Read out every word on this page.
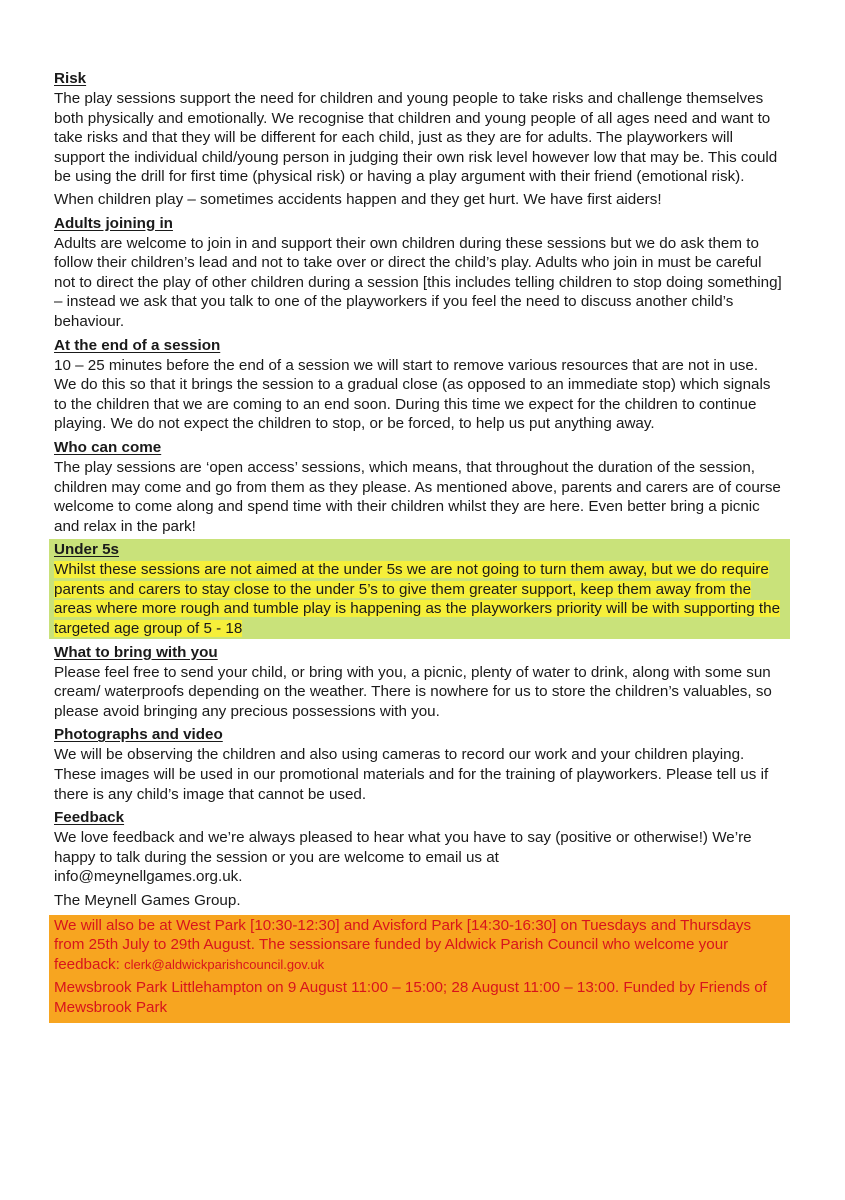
Risk

The play sessions support the need for children and young people to take risks and challenge themselves both physically and emotionally. We recognise that children and young people of all ages need and want to take risks and that they will be different for each child, just as they are for adults. The playworkers will support the individual child/young person in judging their own risk level however low that may be. This could be using the drill for first time (physical risk) or having a play argument with their friend (emotional risk).

When children play – sometimes accidents happen and they get hurt. We have first aiders!

Adults joining in

Adults are welcome to join in and support their own children during these sessions but we do ask them to follow their children’s lead and not to take over or direct the child’s play. Adults who join in must be careful not to direct the play of other children during a session [this includes telling children to stop doing something] – instead we ask that you talk to one of the playworkers if you feel the need to discuss another child’s behaviour.

At the end of a session

10 – 25 minutes before the end of a session we will start to remove various resources that are not in use. We do this so that it brings the session to a gradual close (as opposed to an immediate stop) which signals to the children that we are coming to an end soon. During this time we expect for the children to continue playing. We do not expect the children to stop, or be forced, to help us put anything away.

Who can come

The play sessions are ‘open access’ sessions, which means, that throughout the duration of the session, children may come and go from them as they please. As mentioned above, parents and carers are of course welcome to come along and spend time with their children whilst they are here. Even better bring a picnic and relax in the park!

Under 5s

Whilst these sessions are not aimed at the under 5s we are not going to turn them away, but we do require parents and carers to stay close to the under 5’s to give them greater support, keep them away from the areas where more rough and tumble play is happening as the playworkers priority will be with supporting the targeted age group of 5 - 18

What to bring with you

Please feel free to send your child, or bring with you, a picnic, plenty of water to drink, along with some sun cream/ waterproofs depending on the weather. There is nowhere for us to store the children’s valuables, so please avoid bringing any precious possessions with you.

Photographs and video

We will be observing the children and also using cameras to record our work and your children playing. These images will be used in our promotional materials and for the training of playworkers. Please tell us if there is any child’s image that cannot be used.

Feedback

We love feedback and we’re always pleased to hear what you have to say (positive or otherwise!) We’re happy to talk during the session or you are welcome to email us at
info@meynellgames.org.uk.

The Meynell Games Group.

We will also be at West Park [10:30-12:30] and Avisford Park [14:30-16:30] on Tuesdays and Thursdays from 25th July to 29th August. The sessionsare funded by Aldwick Parish Council who welcome your feedback: clerk@aldwickparishcouncil.gov.uk

Mewsbrook Park Littlehampton on 9 August 11:00 – 15:00; 28 August 11:00 – 13:00. Funded by Friends of Mewsbrook Park
